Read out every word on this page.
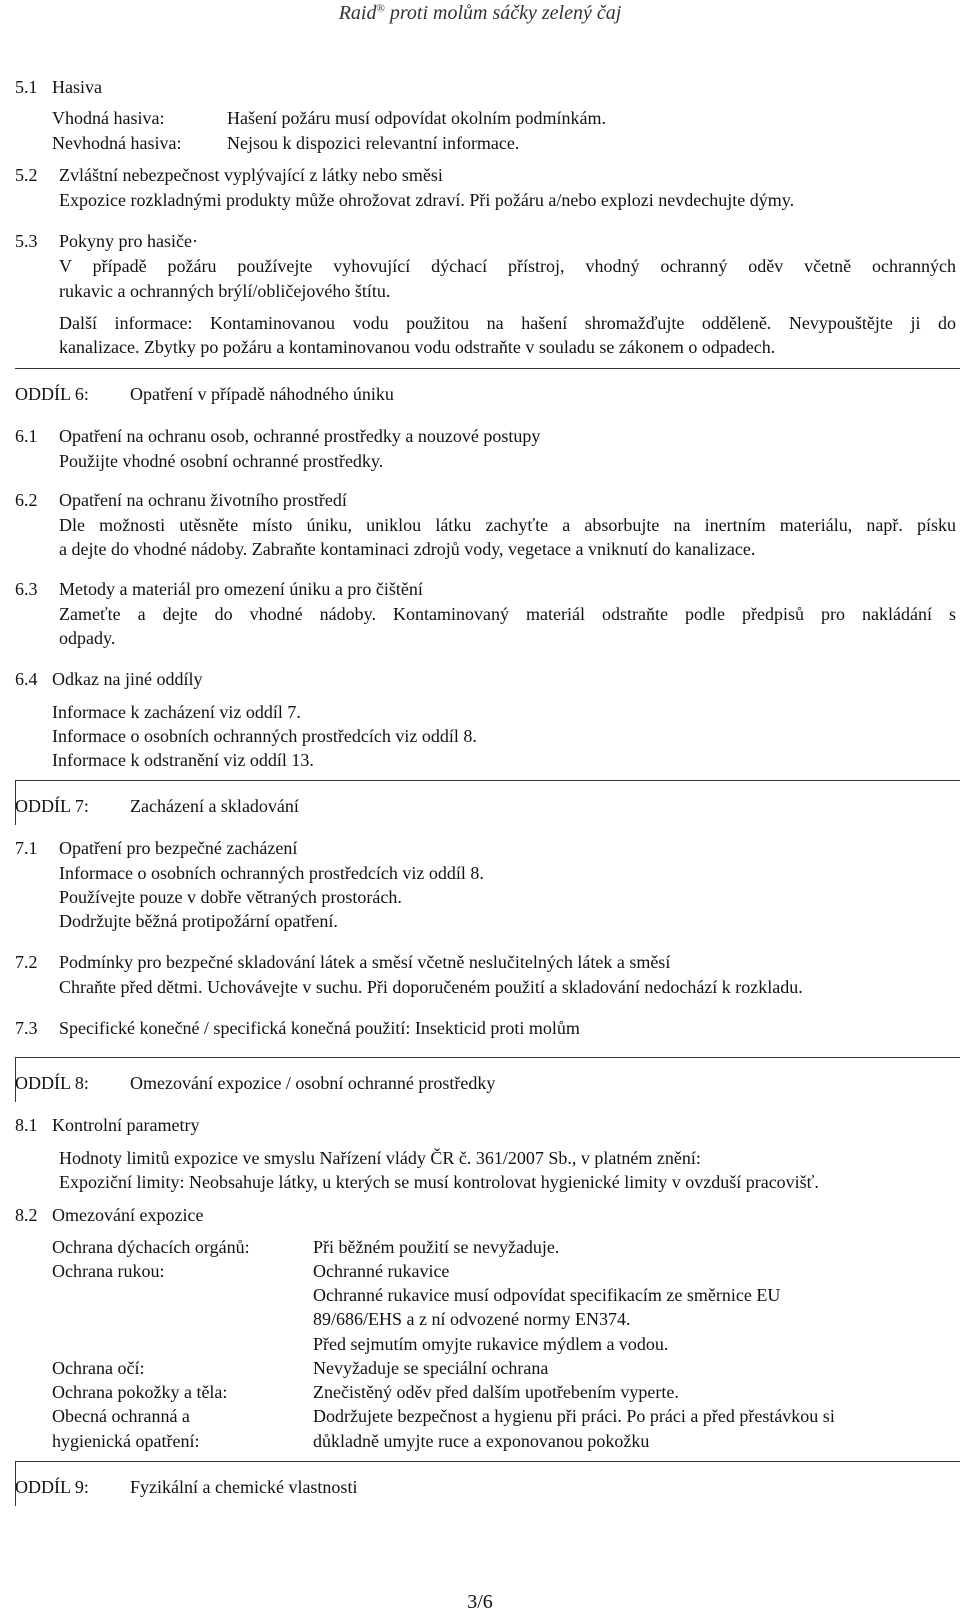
Raid® proti molům sáčky zelený čaj
5.1 Hasiva
Vhodná hasiva:	Hašení požáru musí odpovídat okolním podmínkám.
Nevhodná hasiva:	Nejsou k dispozici relevantní informace.
5.2 Zvláštní nebezpečnost vyplývající z látky nebo směsi
Expozice rozkladnými produkty může ohrožovat zdraví. Při požáru a/nebo explozi nevdechujte dýmy.
5.3 Pokyny pro hasiče·
V případě požáru používejte vyhovující dýchací přístroj, vhodný ochranný oděv včetně ochranných
rukavic a ochranných brýlí/obličejového štítu.
Další informace: Kontaminovanou vodu použitou na hašení shromažďujte odděleně. Nevypouštějte ji do
kanalizace. Zbytky po požáru a kontaminovanou vodu odstraňte v souladu se zákonem o odpadech.
ODDÍL 6: Opatření v případě náhodného úniku
6.1 Opatření na ochranu osob, ochranné prostředky a nouzové postupy
Použijte vhodné osobní ochranné prostředky.
6.2 Opatření na ochranu životního prostředí
Dle možnosti utěsněte místo úniku, uniklou látku zachyťte a absorbujte na inertním materiálu, např. písku
a dejte do vhodné nádoby. Zabraňte kontaminaci zdrojů vody, vegetace a vniknutí do kanalizace.
6.3 Metody a materiál pro omezení úniku a pro čištění
Zameťte a dejte do vhodné nádoby. Kontaminovaný materiál odstraňte podle předpisů pro nakládání s
odpady.
6.4 Odkaz na jiné oddíly
Informace k zacházení viz oddíl 7.
Informace o osobních ochranných prostředcích viz oddíl 8.
Informace k odstranění viz oddíl 13.
ODDÍL 7: Zacházení a skladování
7.1 Opatření pro bezpečné zacházení
Informace o osobních ochranných prostředcích viz oddíl 8.
Používejte pouze v dobře větraných prostorách.
Dodržujte běžná protipožární opatření.
7.2 Podmínky pro bezpečné skladování látek a směsí včetně neslučitelných látek a směsí
Chraňte před dětmi. Uchovávejte v suchu. Při doporučeném použití a skladování nedochází k rozkladu.
7.3 Specifické konečné / specifická konečná použití: Insekticid proti molům
ODDÍL 8: Omezování expozice / osobní ochranné prostředky
8.1 Kontrolní parametry
Hodnoty limitů expozice ve smyslu Nařízení vlády ČR č. 361/2007 Sb., v platném znění:
Expoziční limity: Neobsahuje látky, u kterých se musí kontrolovat hygienické limity v ovzduší pracovišť.
8.2 Omezování expozice
Ochrana dýchacích orgánů:	Při běžném použití se nevyžaduje.
Ochrana rukou:	Ochranné rukavice
Ochranné rukavice musí odpovídat specifikacím ze směrnice EU
89/686/EHS a z ní odvozené normy EN374.
Před sejmutím omyjte rukavice mýdlem a vodou.
Ochrana očí:	Nevyžaduje se speciální ochrana
Ochrana pokožky a těla:	Znečistěný oděv před dalším upotřebením vyperte.
Obecná ochranná a	Dodržujete bezpečnost a hygienu při práci. Po práci a před přestávkou si
hygienická opatření:	důkladně umyjte ruce a exponovanou pokožku
ODDÍL 9: Fyzikální a chemické vlastnosti
3/6
